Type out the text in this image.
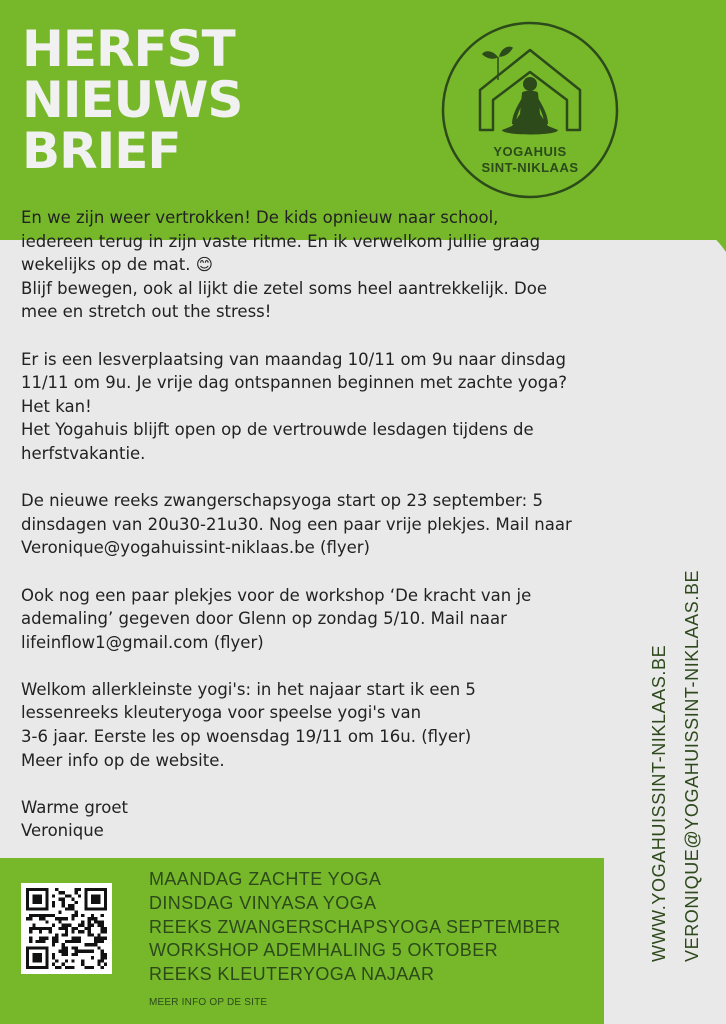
HERFST
NIEUWS
BRIEF	YOGAHUIS
SINT-NIKLAAS

En we zijn weer vertrokken! De kids opnieuw naar school,

iedereen terug in zijn vaste ritme. En ik verwelkom jullie graag

wekelijks op de mat. 😊

Blijf bewegen, ook al lijkt die zetel soms heel aantrekkelijk. Doe

mee en stretch out the stress!

Er is een lesverplaatsing van maandag 10/11 om 9u naar dinsdag

11/11 om 9u. Je vrije dag ontspannen beginnen met zachte yoga?

Het kan!

Het Yogahuis blijft open op de vertrouwde lesdagen tijdens de

herfstvakantie.

De nieuwe reeks zwangerschapsyoga start op 23 september: 5

dinsdagen van 20u30-21u30. Nog een paar vrije plekjes. Mail naar

Veronique@yogahuissint-niklaas.be (flyer)

Ook nog een paar plekjes voor de workshop ‘De kracht van je

ademaling’ gegeven door Glenn op zondag 5/10. Mail naar

lifeinflow1@gmail.com (flyer)

Welkom allerkleinste yogi's: in het najaar start ik een 5

lessenreeks kleuteryoga voor speelse yogi's van

3-6 jaar. Eerste les op woensdag 19/11 om 16u. (flyer)

Meer info op de website.

Warme groet

Veronique

MAANDAG ZACHTE YOGA
DINSDAG VINYASA YOGA
REEKS ZWANGERSCHAPSYOGA SEPTEMBER
WORKSHOP ADEMHALING 5 OKTOBER
REEKS KLEUTERYOGA NAJAAR
MEER INFO OP DE SITE
WWW.YOGAHUISSINT-NIKLAAS.BE VERONIQUE@YOGAHUISSINT-NIKLAAS.BE
